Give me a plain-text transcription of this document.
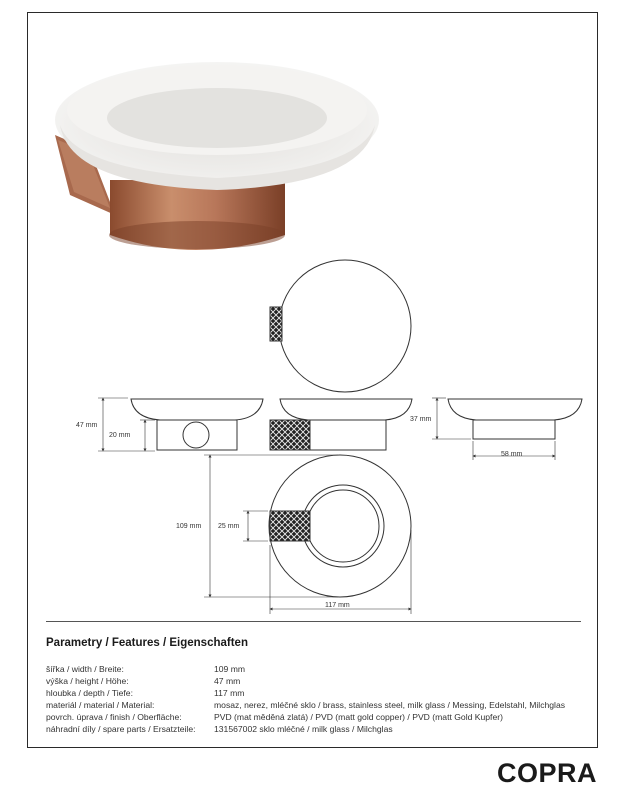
47 mm
20 mm
37 mm
58 mm
109 mm 25 mm
117 mm
Parametry / Features / Eigenschaften
šířka / width / Breite:	109 mm
výška / height / Höhe:	47 mm
hloubka / depth / Tiefe:	117 mm
materiál / material / Material:	mosaz, nerez, mléčné sklo / brass, stainless steel, milk glass / Messing, Edelstahl, Milchglas
povrch. úprava / finish / Oberfläche:	PVD (mat měděná zlatá) / PVD (matt gold copper) / PVD (matt Gold Kupfer)
náhradní díly / spare parts / Ersatzteile:	131567002 sklo mléčné / milk glass / Milchglas
COPRA
